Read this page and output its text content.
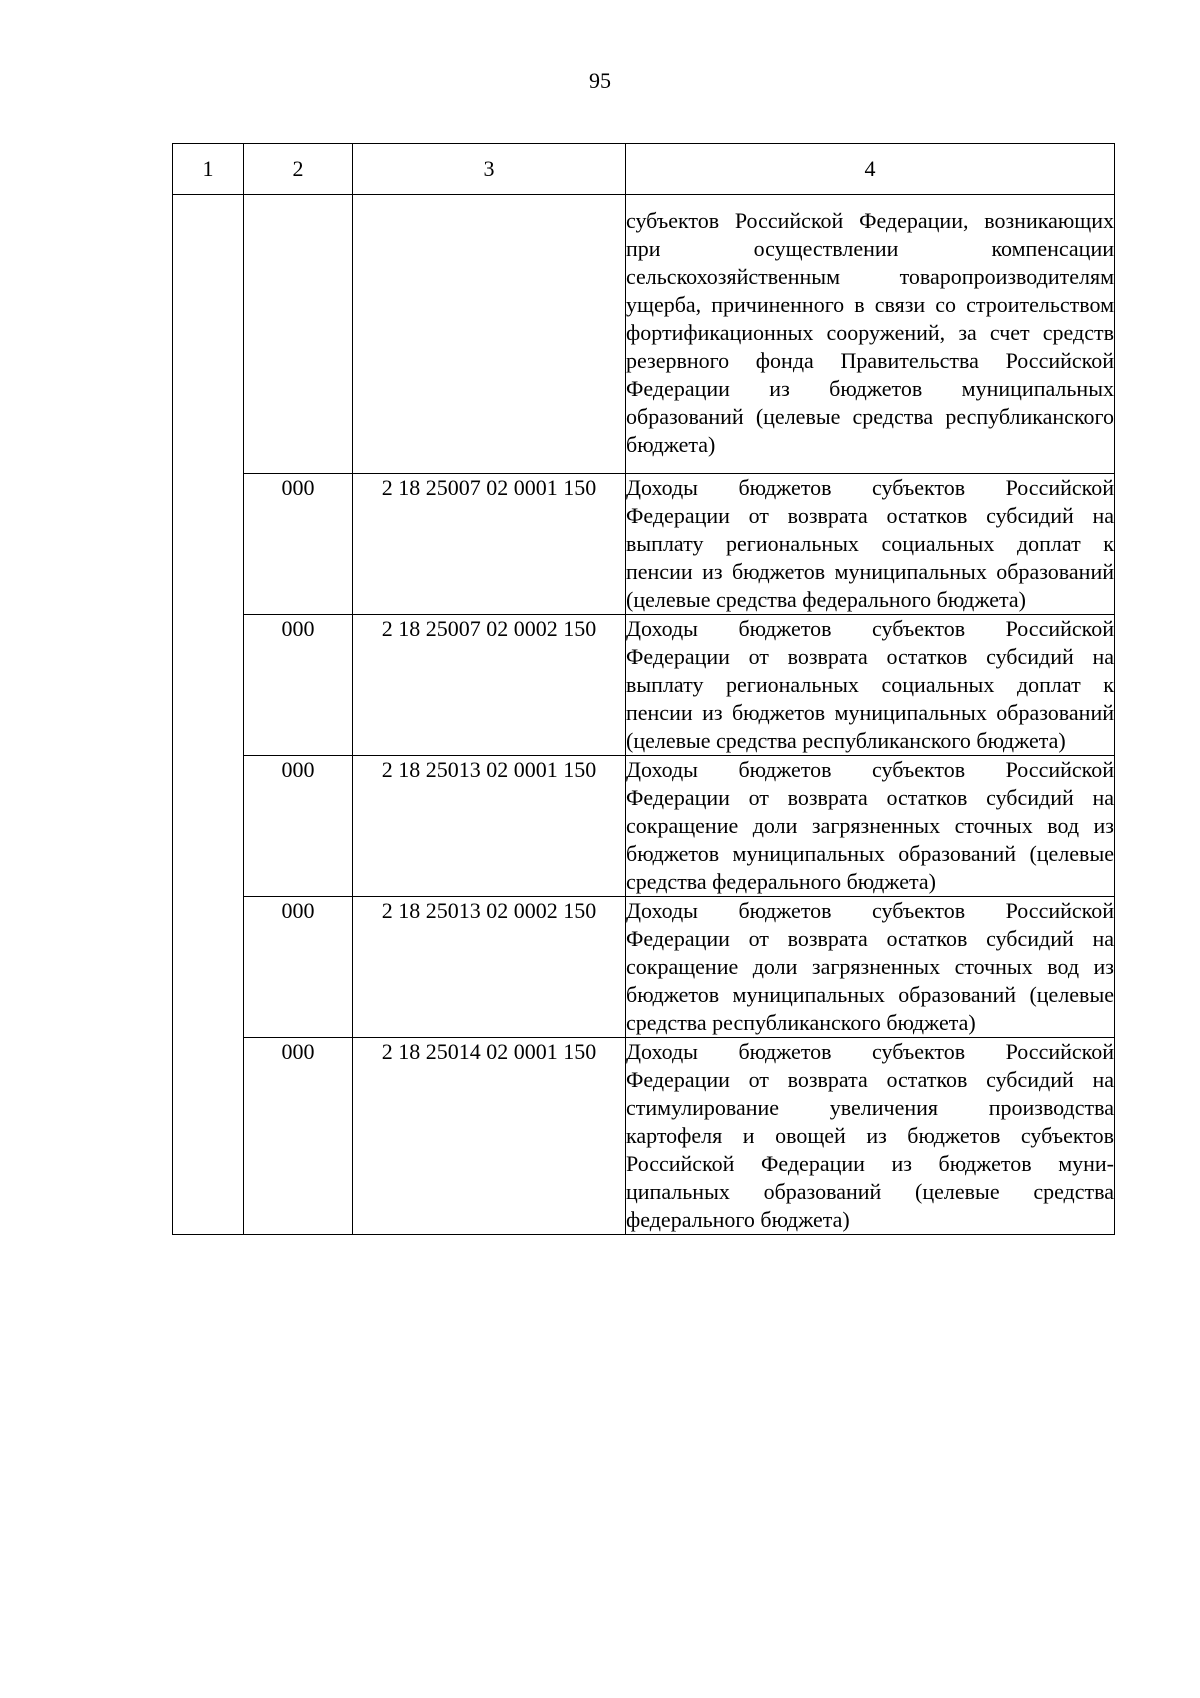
95
1	2	3	4
			субъектов Российской Федерации, возникающих при осуществлении компенсации сельскохозяйственным товаропроизводителям ущерба, причиненного в связи со строительством фортификационных сооружений, за счет средств резервного фонда Правительства Российской Федерации из бюджетов муниципальных образований (целевые средства республиканского бюджета)
	000	2 18 25007 02 0001 150	Доходы бюджетов субъектов Российской Федерации от возврата остатков субсидий на выплату региональных социальных доплат к пенсии из бюджетов муниципальных образований (целевые средства федерального бюджета)
	000	2 18 25007 02 0002 150	Доходы бюджетов субъектов Российской Федерации от возврата остатков субсидий на выплату региональных социальных доплат к пенсии из бюджетов муниципальных образований (целевые средства республиканского бюджета)
	000	2 18 25013 02 0001 150	Доходы бюджетов субъектов Российской Федерации от возврата остатков субсидий на сокращение доли загрязненных сточных вод из бюджетов муниципальных образований (целевые средства федерального бюджета)
	000	2 18 25013 02 0002 150	Доходы бюджетов субъектов Российской Федерации от возврата остатков субсидий на сокращение доли загрязненных сточных вод из бюджетов муниципальных образований (целевые средства республиканского бюджета)
	000	2 18 25014 02 0001 150	Доходы бюджетов субъектов Российской Федерации от возврата остатков субсидий на стимулирование увеличения производства картофеля и овощей из бюджетов субъектов Российской Федерации из бюджетов муниципальных образований (целевые средства федерального бюджета)
